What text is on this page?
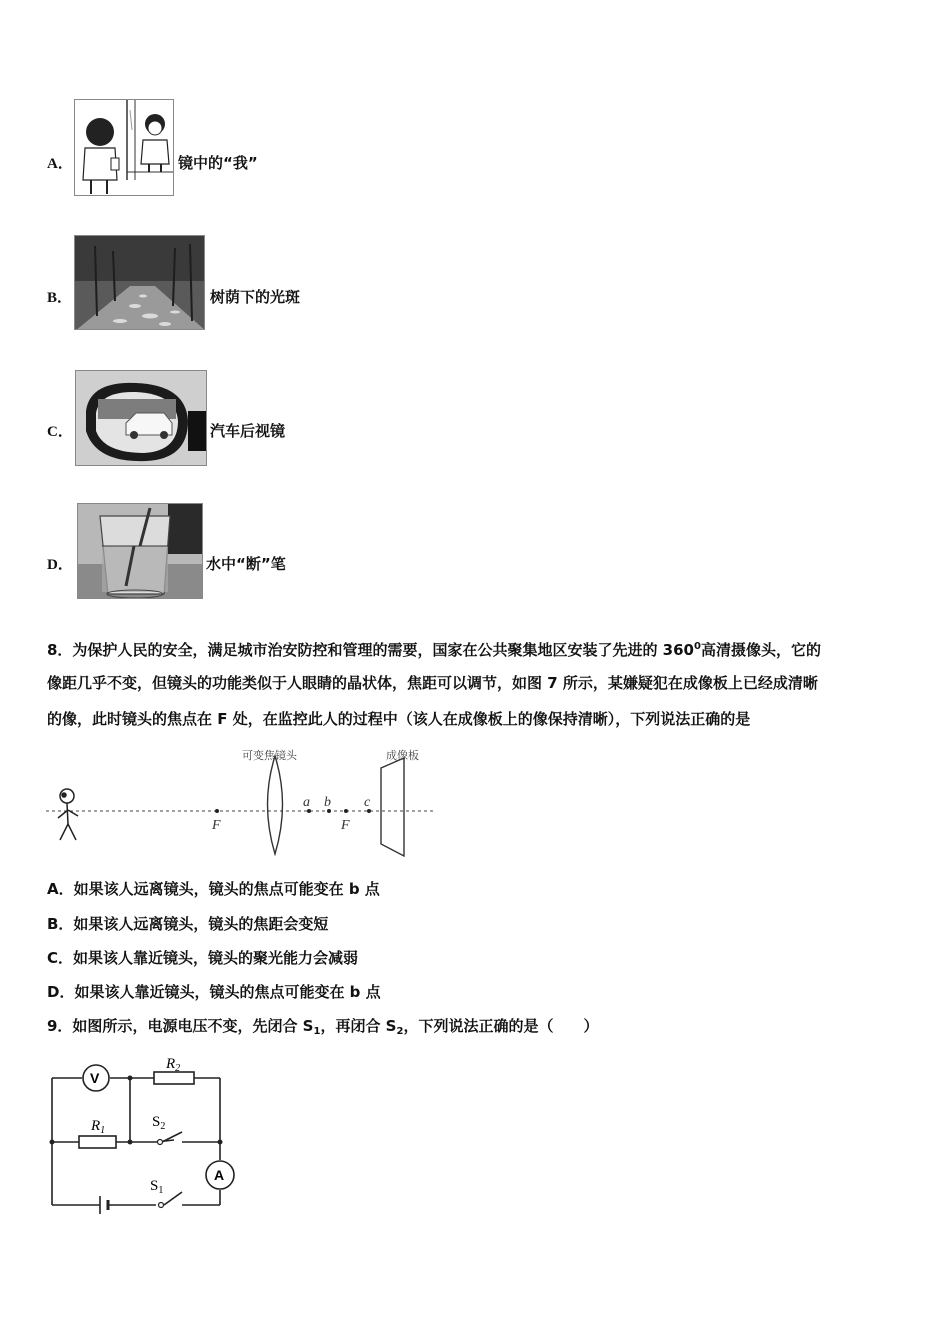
A．	镜中的“我”
B．	树荫下的光斑
C．	汽车后视镜
D．	水中“断”笔
8．为保护人民的安全，满足城市治安防控和管理的需要，国家在公共聚集地区安装了先进的 $360^0$高清摄像头，它的
像距几乎不变，但镜头的功能类似于人眼睛的晶状体，焦距可以调节，如图 7 所示，某嫌疑犯在成像板上已经成清晰
的像，此时镜头的焦点在 F 处，在监控此人的过程中（该人在成像板上的像保持清晰），下列说法正确的是
可变焦镜头	成像板
F	F
a b c
A．如果该人远离镜头，镜头的焦点可能变在 b 点
B．如果该人远离镜头，镜头的焦距会变短
C．如果该人靠近镜头，镜头的聚光能力会减弱
D．如果该人靠近镜头，镜头的焦点可能变在 b 点
9．如图所示，电源电压不变，先闭合 $S_1$，再闭合 $S_2$，下列说法正确的是（　　）
V
$R_2$
$R_1$
$S_2$
A
$S_1$
